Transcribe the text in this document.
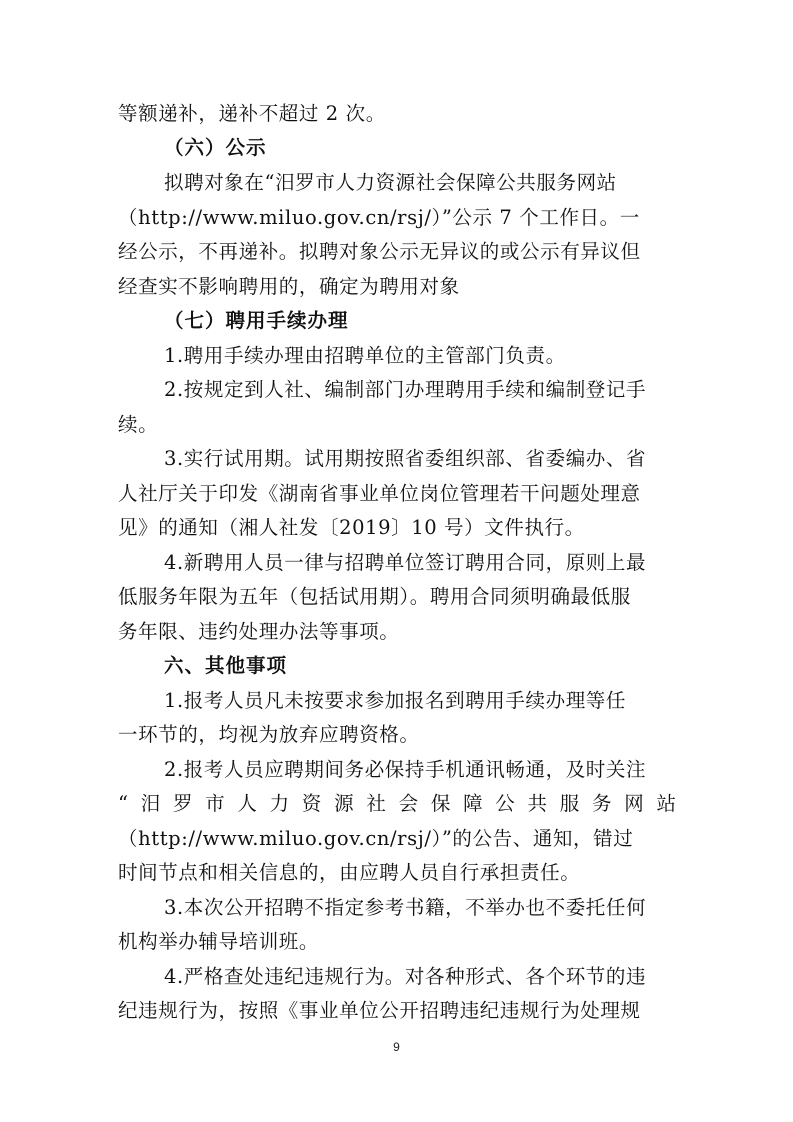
等额递补，递补不超过 2 次。
（六）公示
拟聘对象在“汨罗市人力资源社会保障公共服务网站
（http://www.miluo.gov.cn/rsj/）”公示 7 个工作日。一
经公示，不再递补。拟聘对象公示无异议的或公示有异议但
经查实不影响聘用的，确定为聘用对象
（七）聘用手续办理
1.聘用手续办理由招聘单位的主管部门负责。
2.按规定到人社、编制部门办理聘用手续和编制登记手
续。
3.实行试用期。试用期按照省委组织部、省委编办、省
人社厅关于印发《湖南省事业单位岗位管理若干问题处理意
见》的通知（湘人社发〔2019〕10 号）文件执行。
4.新聘用人员一律与招聘单位签订聘用合同，原则上最
低服务年限为五年（包括试用期）。聘用合同须明确最低服
务年限、违约处理办法等事项。
六、其他事项
1.报考人员凡未按要求参加报名到聘用手续办理等任
一环节的，均视为放弃应聘资格。
2.报考人员应聘期间务必保持手机通讯畅通，及时关注
“汨罗市人力资源社会保障公共服务网站
（http://www.miluo.gov.cn/rsj/）”的公告、通知，错过
时间节点和相关信息的，由应聘人员自行承担责任。
3.本次公开招聘不指定参考书籍，不举办也不委托任何
机构举办辅导培训班。
4.严格查处违纪违规行为。对各种形式、各个环节的违
纪违规行为，按照《事业单位公开招聘违纪违规行为处理规
9
